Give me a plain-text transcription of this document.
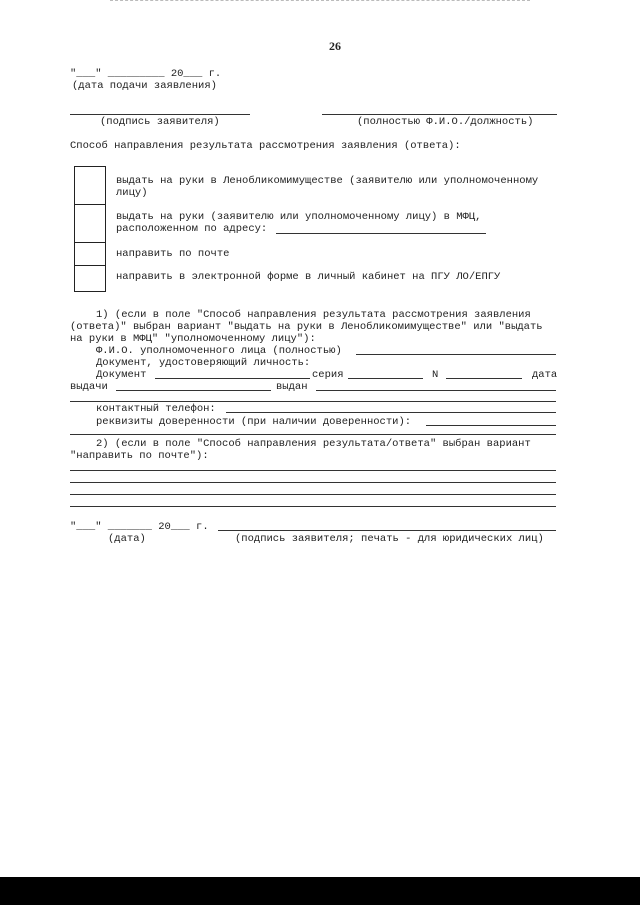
26
"___" _________ 20___ г.
(дата подачи заявления)
(подпись заявителя)	(полностью Ф.И.О./должность)
Способ направления результата рассмотрения заявления (ответа):
выдать на руки в Ленобликомимуществе (заявителю или уполномоченному
лицу)
выдать на руки (заявителю или уполномоченному лицу) в МФЦ,
расположенном по адресу:
направить по почте
направить в электронной форме в личный кабинет на ПГУ ЛО/ЕПГУ
1) (если в поле "Способ направления результата рассмотрения заявления
(ответа)" выбран вариант "выдать на руки в Ленобликомимуществе" или "выдать
на руки в МФЦ" "уполномоченному лицу"):
Ф.И.О. уполномоченного лица (полностью)
Документ, удостоверяющий личность:
Документ	серия	N	дата
выдачи	выдан
контактный телефон:
реквизиты доверенности (при наличии доверенности):
2) (если в поле "Способ направления результата/ответа" выбран вариант
"направить по почте"):
"___" _______ 20___ г.
(дата)	(подпись заявителя; печать - для юридических лиц)
